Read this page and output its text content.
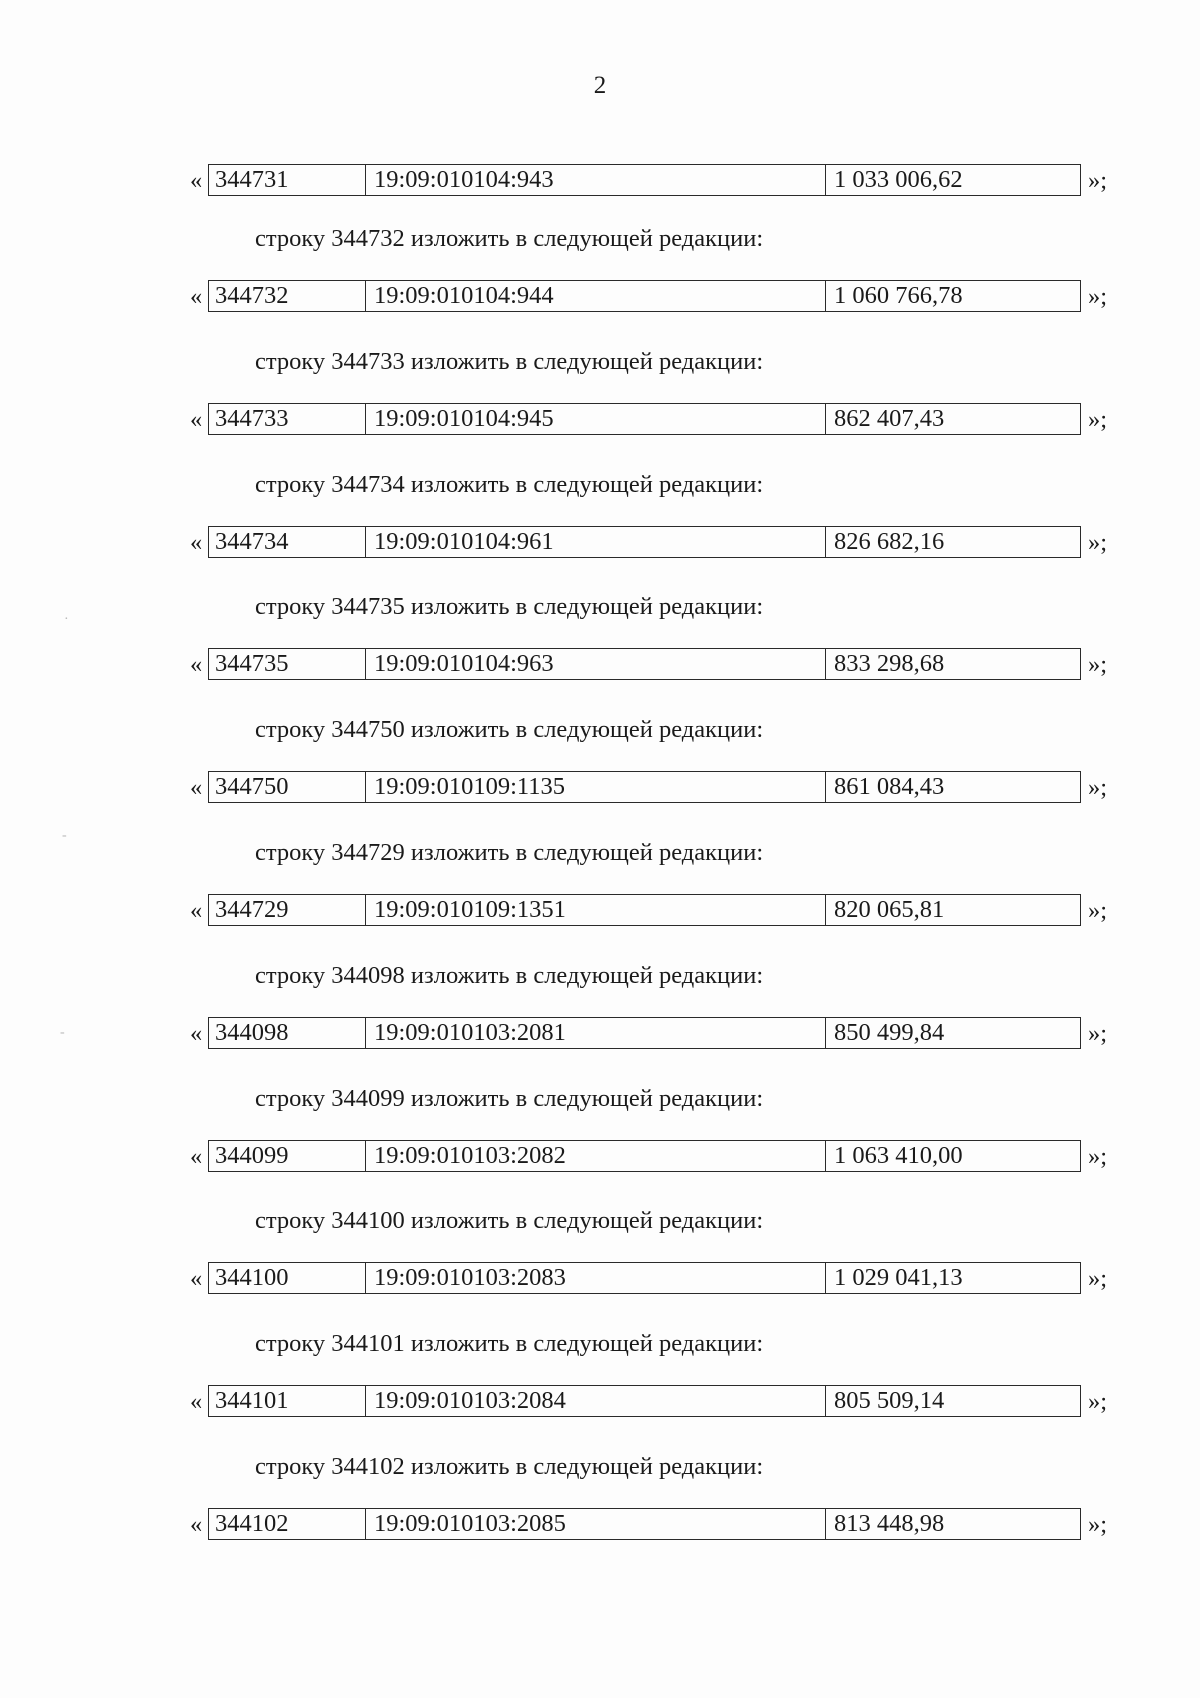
2
« 344731	19:09:010104:943	1 033 006,62	»;
строку 344732 изложить в следующей редакции:
« 344732	19:09:010104:944	1 060 766,78	»;
строку 344733 изложить в следующей редакции:
« 344733	19:09:010104:945	862 407,43	»;
строку 344734 изложить в следующей редакции:
« 344734	19:09:010104:961	826 682,16	»;
строку 344735 изложить в следующей редакции:
« 344735	19:09:010104:963	833 298,68	»;
строку 344750 изложить в следующей редакции:
« 344750	19:09:010109:1135	861 084,43	»;
строку 344729 изложить в следующей редакции:
« 344729	19:09:010109:1351	820 065,81	»;
строку 344098 изложить в следующей редакции:
« 344098	19:09:010103:2081	850 499,84	»;
строку 344099 изложить в следующей редакции:
« 344099	19:09:010103:2082	1 063 410,00	»;
строку 344100 изложить в следующей редакции:
« 344100	19:09:010103:2083	1 029 041,13	»;
строку 344101 изложить в следующей редакции:
« 344101	19:09:010103:2084	805 509,14	»;
строку 344102 изложить в следующей редакции:
« 344102	19:09:010103:2085	813 448,98	»;
·
‐
‐
